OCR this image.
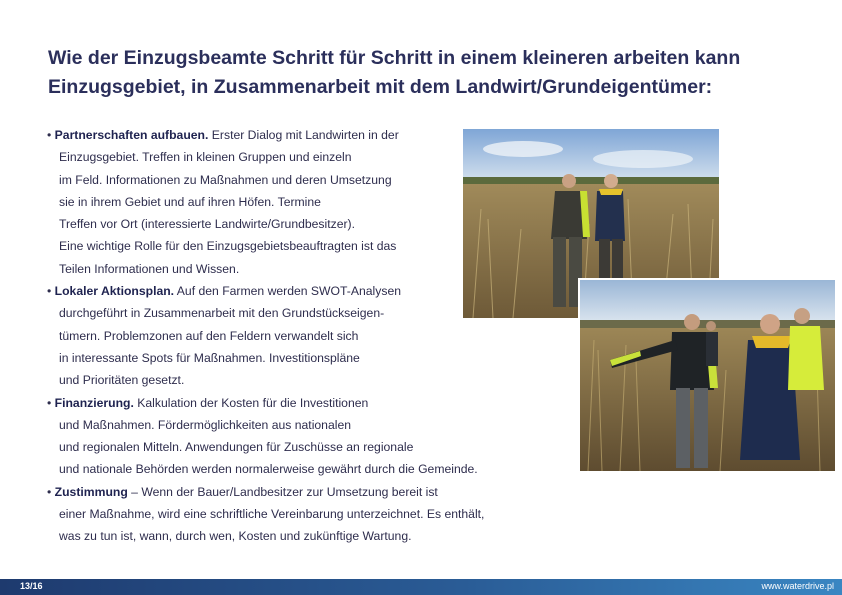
Wie der Einzugsbeamte Schritt für Schritt in einem kleineren arbeiten kann
Einzugsgebiet, in Zusammenarbeit mit dem Landwirt/Grundeigentümer:
• Partnerschaften aufbauen. Erster Dialog mit Landwirten in der
Einzugsgebiet. Treffen in kleinen Gruppen und einzeln
im Feld. Informationen zu Maßnahmen und deren Umsetzung
sie in ihrem Gebiet und auf ihren Höfen. Termine
Treffen vor Ort (interessierte Landwirte/Grundbesitzer).
Eine wichtige Rolle für den Einzugsgebietsbeauftragten ist das
Teilen Informationen und Wissen.
• Lokaler Aktionsplan. Auf den Farmen werden SWOT-Analysen
durchgeführt in Zusammenarbeit mit den Grundstückseigen-
tümern. Problemzonen auf den Feldern verwandelt sich
in interessante Spots für Maßnahmen. Investitionspläne
und Prioritäten gesetzt.
• Finanzierung. Kalkulation der Kosten für die Investitionen
und Maßnahmen. Fördermöglichkeiten aus nationalen
und regionalen Mitteln. Anwendungen für Zuschüsse an regionale
und nationale Behörden werden normalerweise gewährt durch die Gemeinde.
• Zustimmung – Wenn der Bauer/Landbesitzer zur Umsetzung bereit ist
einer Maßnahme, wird eine schriftliche Vereinbarung unterzeichnet. Es enthält,
was zu tun ist, wann, durch wen, Kosten und zukünftige Wartung.
13/16	www.waterdrive.pl
